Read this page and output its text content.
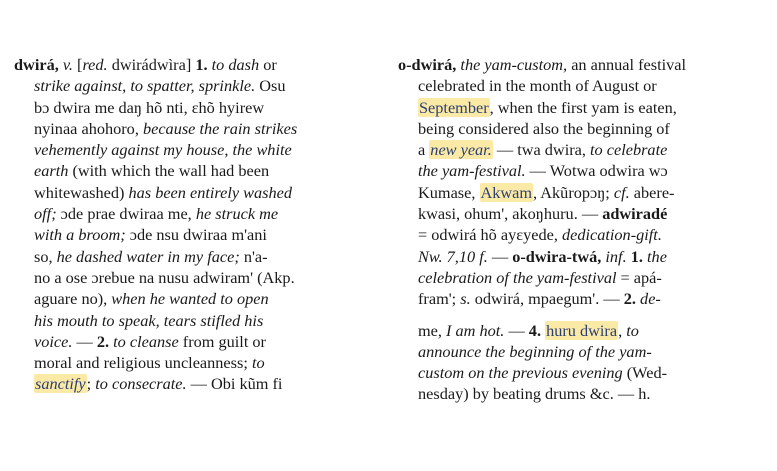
dwirá, v. [red. dwirádwìra] 1. to dash or
strike against, to spatter, sprinkle. Osu
bɔ dwira me daŋ hõ nti, ɛhõ hyirew
nyinaa ahohoro, because the rain strikes
vehemently against my house, the white
earth (with which the wall had been
whitewashed) has been entirely washed
off; ɔde prae dwiraa me, he struck me
with a broom; ɔde nsu dwiraa m'ani
so, he dashed water in my face; n'a-
no a ose ɔrebue na nusu adwiram' (Akp.
aguare no), when he wanted to open
his mouth to speak, tears stifled his
voice. — 2. to cleanse from guilt or
moral and religious uncleanness; to
sanctify; to consecrate. — Obi kũm fi
o-dwirá, the yam-custom, an annual festival
celebrated in the month of August or
September, when the first yam is eaten,
being considered also the beginning of
a new year. — twa dwira, to celebrate
the yam-festival. — Wotwa odwira wɔ
Kumase, Akwam, Akũropɔŋ; cf. abere-
kwasi, ohum', akoŋhuru. — adwiradé
= odwirá hõ ayɛyede, dedication-gift.
Nw. 7,10 f. — o-dwira-twá, inf. 1. the
celebration of the yam-festival = apá-
fram'; s. odwirá, mpaegum'. — 2. de-
me, I am hot. — 4. huru dwira, to
announce the beginning of the yam-
custom on the previous evening (Wed-
nesday) by beating drums &c. — h.
